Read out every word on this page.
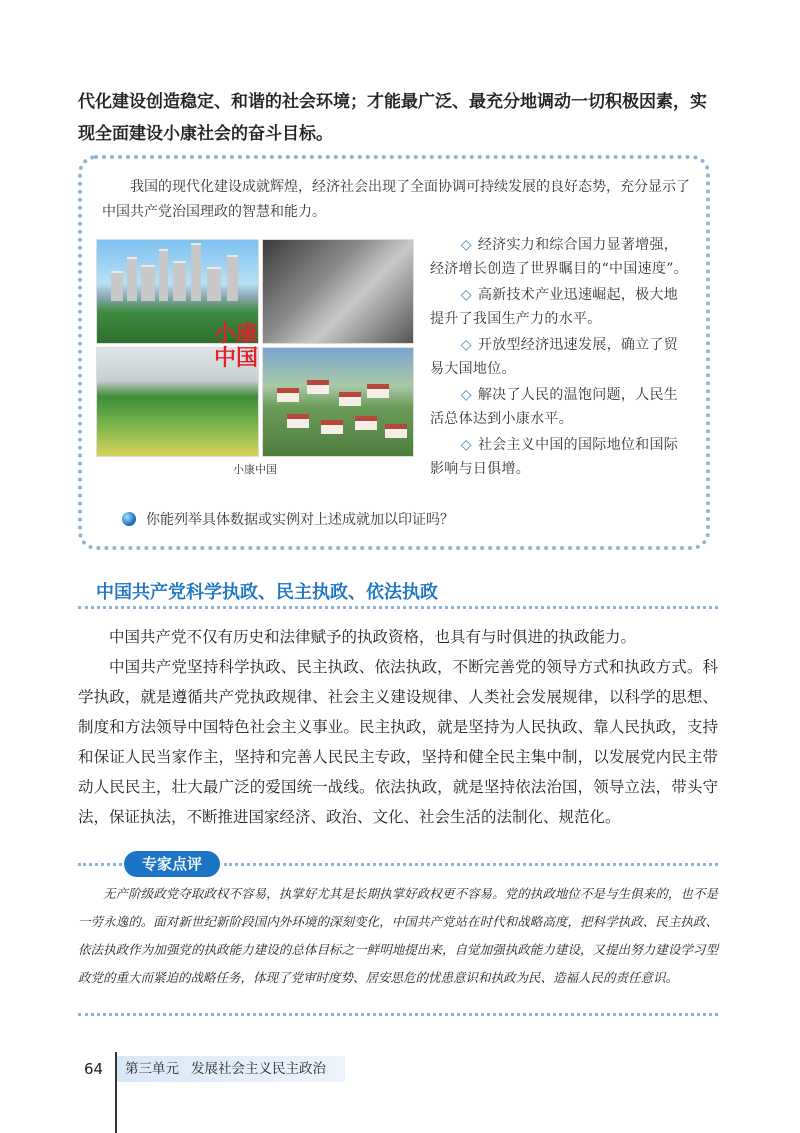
代化建设创造稳定、和谐的社会环境；才能最广泛、最充分地调动一切积极因素，实现全面建设小康社会的奋斗目标。
我国的现代化建设成就辉煌，经济社会出现了全面协调可持续发展的良好态势，充分显示了中国共产党治国理政的智慧和能力。
小康
中国
小康中国
◇ 经济实力和综合国力显著增强，经济增长创造了世界瞩目的“中国速度”。
◇ 高新技术产业迅速崛起，极大地提升了我国生产力的水平。
◇ 开放型经济迅速发展，确立了贸易大国地位。
◇ 解决了人民的温饱问题，人民生活总体达到小康水平。
◇ 社会主义中国的国际地位和国际影响与日俱增。
你能列举具体数据或实例对上述成就加以印证吗？
中国共产党科学执政、民主执政、依法执政

中国共产党不仅有历史和法律赋予的执政资格，也具有与时俱进的执政能力。

中国共产党坚持科学执政、民主执政、依法执政，不断完善党的领导方式和执政方式。科学执政，就是遵循共产党执政规律、社会主义建设规律、人类社会发展规律，以科学的思想、制度和方法领导中国特色社会主义事业。民主执政，就是坚持为人民执政、靠人民执政，支持和保证人民当家作主，坚持和完善人民民主专政，坚持和健全民主集中制，以发展党内民主带动人民民主，壮大最广泛的爱国统一战线。依法执政，就是坚持依法治国，领导立法，带头守法，保证执法，不断推进国家经济、政治、文化、社会生活的法制化、规范化。

专家点评
无产阶级政党夺取政权不容易，执掌好尤其是长期执掌好政权更不容易。党的执政地位不是与生俱来的，也不是一劳永逸的。面对新世纪新阶段国内外环境的深刻变化，中国共产党站在时代和战略高度，把科学执政、民主执政、依法执政作为加强党的执政能力建设的总体目标之一鲜明地提出来，自觉加强执政能力建设，又提出努力建设学习型政党的重大而紧迫的战略任务，体现了党审时度势、居安思危的忧患意识和执政为民、造福人民的责任意识。
64 第三单元 发展社会主义民主政治
